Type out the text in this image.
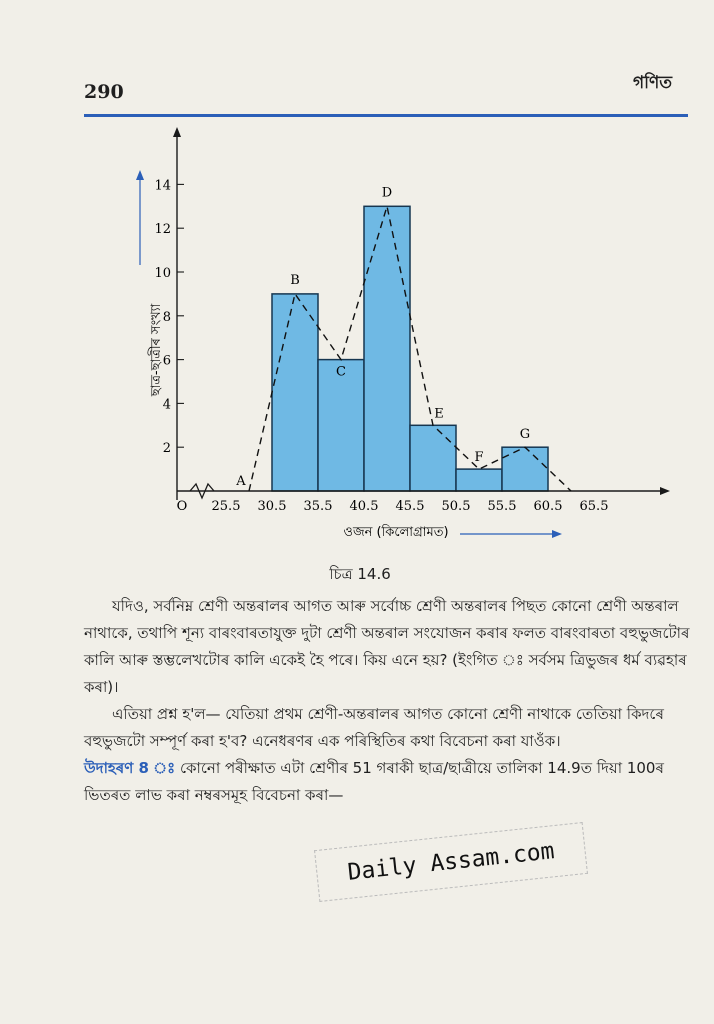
290	গণিত
2
4
6
8
10
12
14
25.5 30.5 35.5 40.5 45.5 50.5 55.5 60.5 65.5
A
B
C
D
E
F
G
ছাত্ৰ-ছাত্ৰীৰ সংখ্যা
ওজন (কিলোগ্ৰামত)
O
চিত্ৰ 14.6

যদিও, সৰ্বনিম্ন শ্ৰেণী অন্তৰালৰ আগত আৰু সৰ্বোচ্চ শ্ৰেণী অন্তৰালৰ পিছত কোনো শ্ৰেণী অন্তৰাল নাথাকে, তথাপি শূন্য বাৰংবাৰতাযুক্ত দুটা শ্ৰেণী অন্তৰাল সংযোজন কৰাৰ ফলত বাৰংবাৰতা বহুভুজটোৰ কালি আৰু স্তম্ভলেখটোৰ কালি একেই হৈ পৰে। কিয় এনে হয়? (ইংগিত ঃ সৰ্বসম ত্ৰিভুজৰ ধৰ্ম ব্যৱহাৰ কৰা)।

এতিয়া প্ৰশ্ন হ'ল— যেতিয়া প্ৰথম শ্ৰেণী-অন্তৰালৰ আগত কোনো শ্ৰেণী নাথাকে তেতিয়া কিদৰে বহুভুজটো সম্পূৰ্ণ কৰা হ'ব? এনেধৰণৰ এক পৰিস্থিতিৰ কথা বিবেচনা কৰা যাওঁক।

উদাহৰণ 8 ঃ কোনো পৰীক্ষাত এটা শ্ৰেণীৰ 51 গৰাকী ছাত্ৰ/ছাত্ৰীয়ে তালিকা 14.9ত দিয়া 100ৰ ভিতৰত লাভ কৰা নম্বৰসমূহ বিবেচনা কৰা—

Daily Assam.com
